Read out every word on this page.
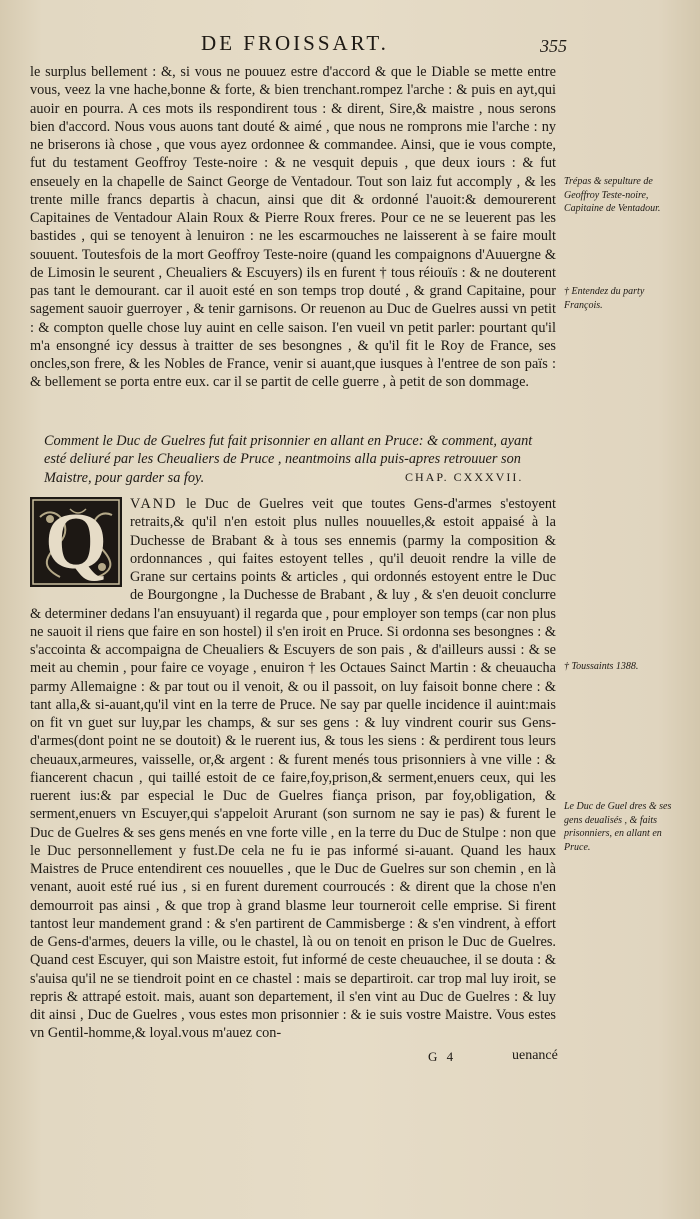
DE FROISSART.	355
le surplus bellement : &, si vous ne pouuez estre d'accord & que le Diable se mette entre vous, veez la vne hache,bonne & forte, & bien trenchant.rompez l'arche : & puis en ayt,qui auoir en pourra. A ces mots ils respondirent tous : & dirent, Sire,& maistre , nous serons bien d'accord. Nous vous auons tant douté & aimé , que nous ne romprons mie l'arche : ny ne briserons ià chose , que vous ayez ordonnee & commandee. Ainsi, que ie vous compte, fut du testament Geoffroy Teste-noire : & ne vesquit depuis , que deux iours : & fut enseuely en la chapelle de Sainct George de Ventadour. Tout son laiz fut accomply , & les trente mille francs departis à chacun, ainsi que dit & ordonné l'auoit:& demourerent Capitaines de Ventadour Alain Roux & Pierre Roux freres. Pour ce ne se leuerent pas les bastides , qui se tenoyent à lenuiron : ne les escarmouches ne laisserent à se faire moult souuent. Toutesfois de la mort Geoffroy Teste-noire (quand les compaignons d'Auuergne & de Limosin le seurent , Cheualiers & Escuyers) ils en furent † tous réiouïs : & ne douterent pas tant le demourant. car il auoit esté en son temps trop douté , & grand Capitaine, pour sagement sauoir guerroyer , & tenir garnisons. Or reuenon au Duc de Guelres aussi vn petit : & compton quelle chose luy auint en celle saison. I'en vueil vn petit parler: pourtant qu'il m'a ensongné icy dessus à traitter de ses besongnes , & qu'il fit le Roy de France, ses oncles,son frere, & les Nobles de France, venir si auant,que iusques à l'entree de son païs : & bellement se porta entre eux. car il se partit de celle guerre , à petit de son dommage.
Comment le Duc de Guelres fut fait prisonnier en allant en Pruce: & comment, ayant esté deliuré par les Cheualiers de Pruce , neantmoins alla puis-apres retrouuer son Maistre, pour garder sa foy.	CHAP. CXXXVII.
Q	VAND le Duc de Guelres veit que toutes Gens-d'armes s'estoyent retraits,& qu'il n'en estoit plus nulles nouuelles,& estoit appaisé à la Duchesse de Brabant & à tous ses ennemis (parmy la composition & ordonnances , qui faites estoyent telles , qu'il deuoit rendre la ville de Grane sur certains points & articles , qui ordonnés estoyent entre le Duc de Bourgongne , la Duchesse de Brabant , & luy , & s'en deuoit conclurre & determiner dedans l'an ensuyuant) il regarda que , pour employer son temps (car non plus ne sauoit il riens que faire en son hostel) il s'en iroit en Pruce. Si ordonna ses besongnes : & s'accointa & accompaigna de Cheualiers & Escuyers de son pais , & d'ailleurs aussi : & se meit au chemin , pour faire ce voyage , enuiron † les Octaues Sainct Martin : & cheuaucha parmy Allemaigne : & par tout ou il venoit, & ou il passoit, on luy faisoit bonne chere : & tant alla,& si-auant,qu'il vint en la terre de Pruce. Ne say par quelle incidence il auint:mais on fit vn guet sur luy,par les champs, & sur ses gens : & luy vindrent courir sus Gens-d'armes(dont point ne se doutoit) & le ruerent ius, & tous les siens : & perdirent tous leurs cheuaux,armeures, vaisselle, or,& argent : & furent menés tous prisonniers à vne ville : & fiancerent chacun , qui taillé estoit de ce faire,foy,prison,& serment,enuers ceux, qui les ruerent ius:& par especial le Duc de Guelres fiança prison, par foy,obligation, & serment,enuers vn Escuyer,qui s'appeloit Arurant (son surnom ne say ie pas) & furent le Duc de Guelres & ses gens menés en vne forte ville , en la terre du Duc de Stulpe : non que le Duc personnellement y fust.De cela ne fu ie pas informé si-auant. Quand les haux Maistres de Pruce entendirent ces nouuelles , que le Duc de Guelres sur son chemin , en là venant, auoit esté rué ius , si en furent durement courroucés : & dirent que la chose n'en demourroit pas ainsi , & que trop à grand blasme leur tourneroit celle emprise. Si firent tantost leur mandement grand : & s'en partirent de Cammisberge : & s'en vindrent, à effort de Gens-d'armes, deuers la ville, ou le chastel, là ou on tenoit en prison le Duc de Guelres. Quand cest Escuyer, qui son Maistre estoit, fut informé de ceste cheuauchee, il se douta : & s'auisa qu'il ne se tiendroit point en ce chastel : mais se departiroit. car trop mal luy iroit, se repris & attrapé estoit. mais, auant son departement, il s'en vint au Duc de Guelres : & luy dit ainsi , Duc de Guelres , vous estes mon prisonnier : & ie suis vostre Maistre. Vous estes vn Gentil-homme,& loyal.vous m'auez con-
Trépas & sepulture de Geoffroy Teste-noire, Capitaine de Ventadour.
† Entendez du party François.
† Toussaints 1388.
Le Duc de Guel dres & ses gens deualisés , & faits prisonniers, en allant en Pruce.
G 4	uenancé
